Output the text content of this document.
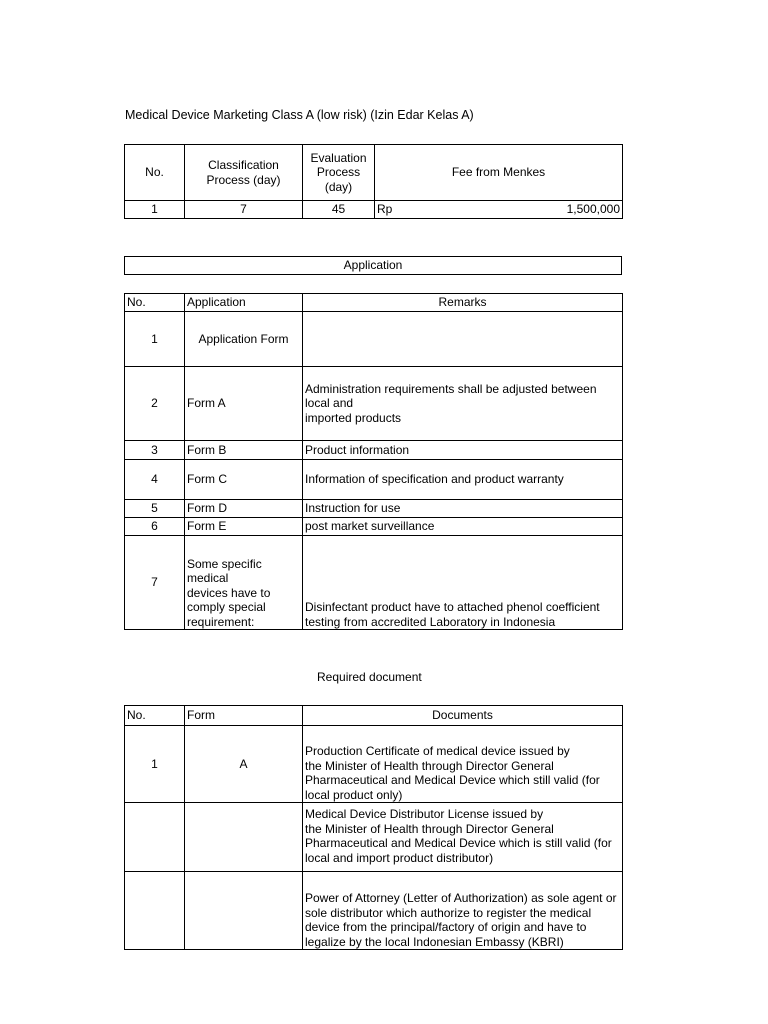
Medical Device Marketing Class A (low risk) (Izin Edar Kelas A)
No.	Classification Process (day)	Evaluation Process (day)	Fee from Menkes
1	7	45	Rp 1,500,000
Application
No.	Application	Remarks
1	Application Form	
2	Form A	Administration requirements shall be adjusted between local and
imported products
3	Form B	Product information
4	Form C	Information of specification and product warranty
5	Form D	Instruction for use
6	Form E	post market surveillance
7	Some specific medical devices have to comply special requirement:	Disinfectant product have to attached phenol coefficient
testing from accredited Laboratory in Indonesia
Required document
No.	Form	Documents
1	A	Production Certificate of medical device issued by
the Minister of Health through Director General Pharmaceutical and Medical Device which still valid (for local product only)
		Medical Device Distributor License issued by
the Minister of Health through Director General Pharmaceutical and Medical Device which is still valid (for local and import product distributor)
		Power of Attorney (Letter of Authorization) as sole agent or sole distributor which authorize to register the medical device from the principal/factory of origin and have to legalize by the local Indonesian Embassy (KBRI)
